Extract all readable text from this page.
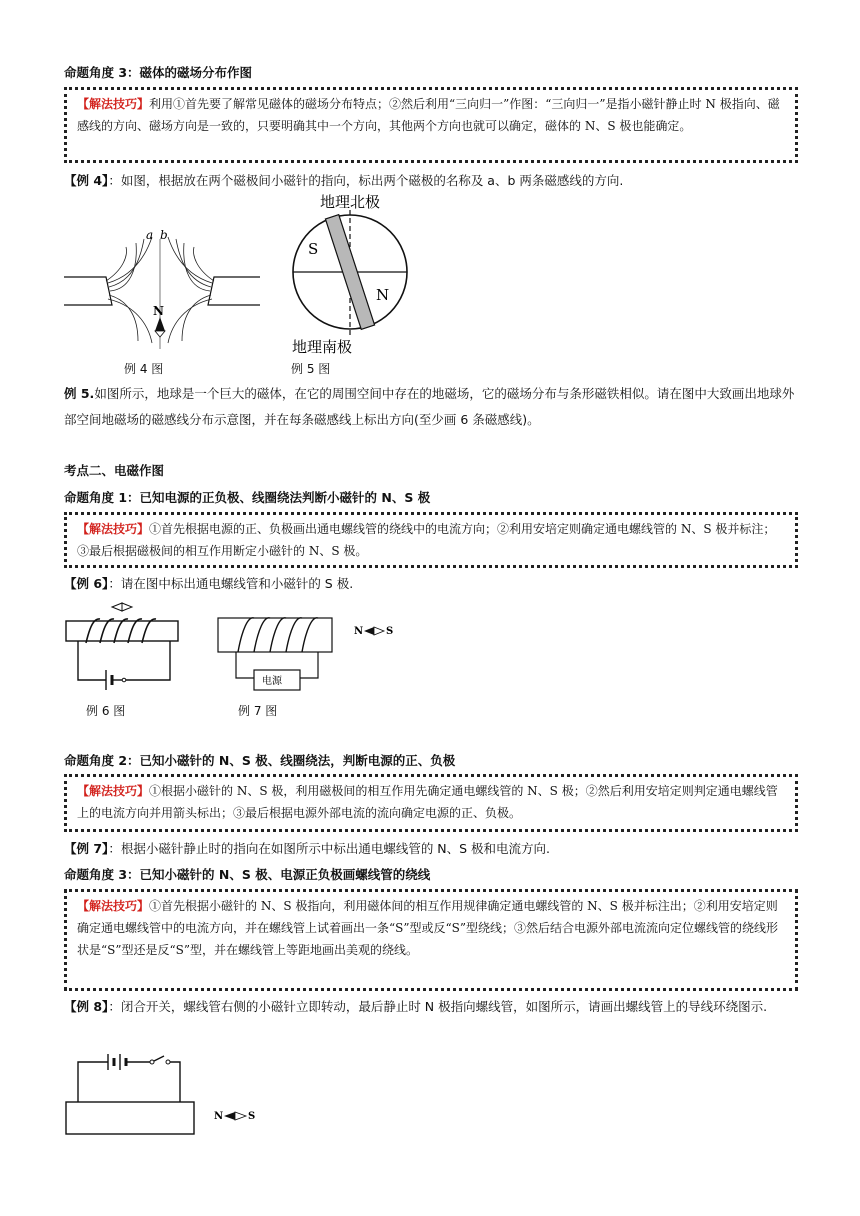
命题角度 3：磁体的磁场分布作图
【解法技巧】利用①首先要了解常见磁体的磁场分布特点；②然后利用“三向归一”作图：“三向归一”是指小磁针静止时 N 极指向、磁感线的方向、磁场方向是一致的，只要明确其中一个方向，其他两个方向也就可以确定，磁体的 N、S 极也能确定。
【例 4】：如图，根据放在两个磁极间小磁针的指向，标出两个磁极的名称及 a、b 两条磁感线的方向.
a b
N
例 4 图
地理北极
S
N
地理南极
例 5 图
例 5.如图所示，地球是一个巨大的磁体，在它的周围空间中存在的地磁场，它的磁场分布与条形磁铁相似。请在图中大致画出地球外部空间地磁场的磁感线分布示意图，并在每条磁感线上标出方向(至少画 6 条磁感线)。
考点二、电磁作图
命题角度 1：已知电源的正负极、线圈绕法判断小磁针的 N、S 极
【解法技巧】①首先根据电源的正、负极画出通电螺线管的绕线中的电流方向；②利用安培定则确定通电螺线管的 N、S 极并标注；③最后根据磁极间的相互作用断定小磁针的 N、S 极。
【例 6】：请在图中标出通电螺线管和小磁针的 S 极.
例 6 图
电源
N S
例 7 图
命题角度 2：已知小磁针的 N、S 极、线圈绕法，判断电源的正、负极
【解法技巧】①根据小磁针的 N、S 极，利用磁极间的相互作用先确定通电螺线管的 N、S 极；②然后利用安培定则判定通电螺线管上的电流方向并用箭头标出；③最后根据电源外部电流的流向确定电源的正、负极。
【例 7】：根据小磁针静止时的指向在如图所示中标出通电螺线管的 N、S 极和电流方向.
命题角度 3：已知小磁针的 N、S 极、电源正负极画螺线管的绕线
【解法技巧】①首先根据小磁针的 N、S 极指向，利用磁体间的相互作用规律确定通电螺线管的 N、S 极并标注出；②利用安培定则确定通电螺线管中的电流方向，并在螺线管上试着画出一条“S”型或反“S”型绕线；③然后结合电源外部电流流向定位螺线管的绕线形状是“S”型还是反“S”型，并在螺线管上等距地画出美观的绕线。
【例 8】：闭合开关，螺线管右侧的小磁针立即转动，最后静止时 N 极指向螺线管，如图所示，请画出螺线管上的导线环绕图示.
N S
